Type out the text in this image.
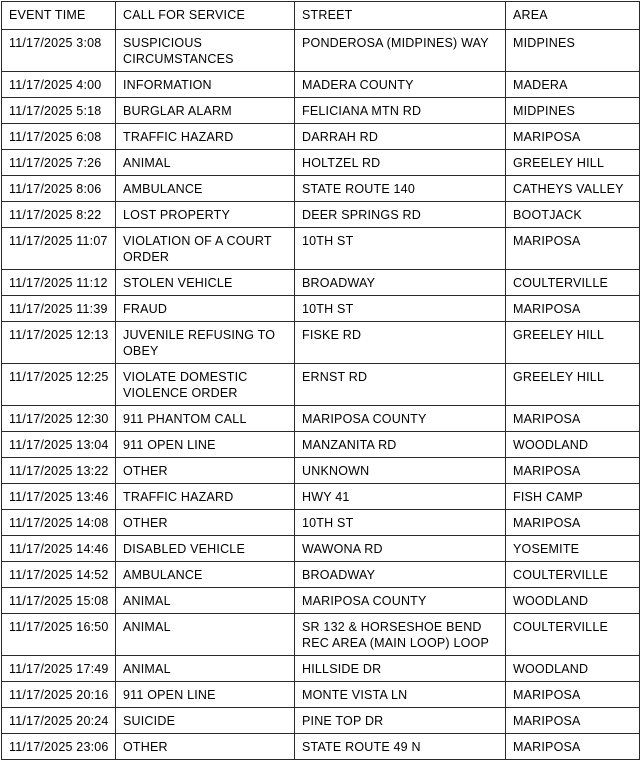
EVENT TIME	CALL FOR SERVICE	STREET	AREA
11/17/2025 3:08	SUSPICIOUS CIRCUMSTANCES	PONDEROSA (MIDPINES) WAY	MIDPINES
11/17/2025 4:00	INFORMATION	MADERA COUNTY	MADERA
11/17/2025 5:18	BURGLAR ALARM	FELICIANA MTN RD	MIDPINES
11/17/2025 6:08	TRAFFIC HAZARD	DARRAH RD	MARIPOSA
11/17/2025 7:26	ANIMAL	HOLTZEL RD	GREELEY HILL
11/17/2025 8:06	AMBULANCE	STATE ROUTE 140	CATHEYS VALLEY
11/17/2025 8:22	LOST PROPERTY	DEER SPRINGS RD	BOOTJACK
11/17/2025 11:07	VIOLATION OF A COURT ORDER	10TH ST	MARIPOSA
11/17/2025 11:12	STOLEN VEHICLE	BROADWAY	COULTERVILLE
11/17/2025 11:39	FRAUD	10TH ST	MARIPOSA
11/17/2025 12:13	JUVENILE REFUSING TO OBEY	FISKE RD	GREELEY HILL
11/17/2025 12:25	VIOLATE DOMESTIC VIOLENCE ORDER	ERNST RD	GREELEY HILL
11/17/2025 12:30	911 PHANTOM CALL	MARIPOSA COUNTY	MARIPOSA
11/17/2025 13:04	911 OPEN LINE	MANZANITA RD	WOODLAND
11/17/2025 13:22	OTHER	UNKNOWN	MARIPOSA
11/17/2025 13:46	TRAFFIC HAZARD	HWY 41	FISH CAMP
11/17/2025 14:08	OTHER	10TH ST	MARIPOSA
11/17/2025 14:46	DISABLED VEHICLE	WAWONA RD	YOSEMITE
11/17/2025 14:52	AMBULANCE	BROADWAY	COULTERVILLE
11/17/2025 15:08	ANIMAL	MARIPOSA COUNTY	WOODLAND
11/17/2025 16:50	ANIMAL	SR 132 & HORSESHOE BEND REC AREA (MAIN LOOP) LOOP	COULTERVILLE
11/17/2025 17:49	ANIMAL	HILLSIDE DR	WOODLAND
11/17/2025 20:16	911 OPEN LINE	MONTE VISTA LN	MARIPOSA
11/17/2025 20:24	SUICIDE	PINE TOP DR	MARIPOSA
11/17/2025 23:06	OTHER	STATE ROUTE 49 N	MARIPOSA
